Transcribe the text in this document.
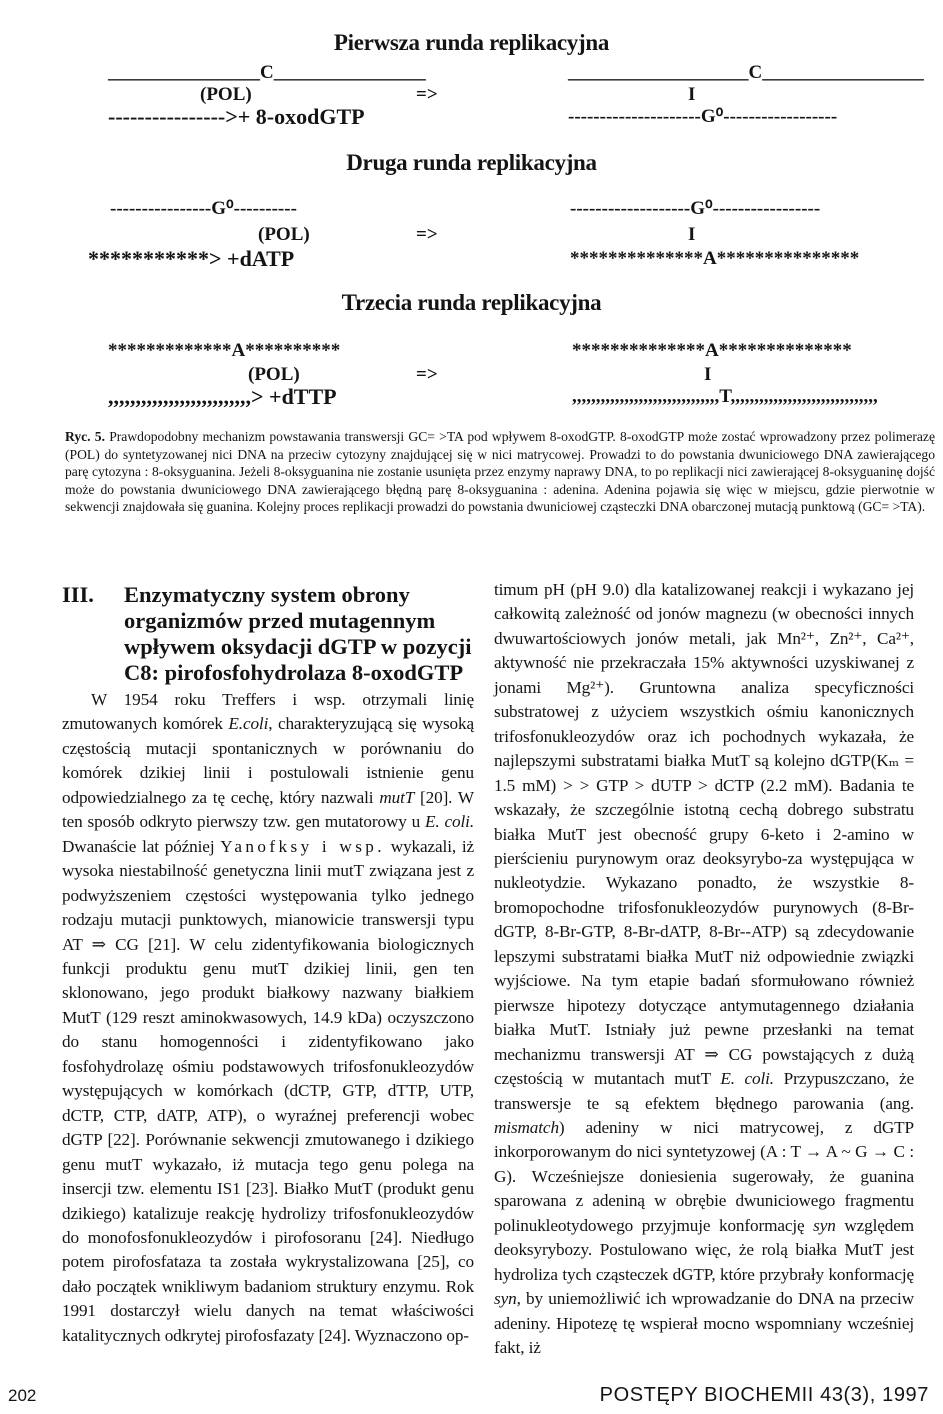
Pierwsza runda replikacyjna
________________C________________
(POL)
---------------->+ 8-oxodGTP
=>
___________________C_________________
I
---------------------G⁰------------------
Druga runda replikacyjna
----------------G⁰----------
(POL)
***********> +dATP
=>
-------------------G⁰-----------------
I
**************A***************
Trzecia runda replikacyjna
*************A**********
(POL)
,,,,,,,,,,,,,,,,,,,,,,,,,,> +dTTP
=>
**************A**************
I
,,,,,,,,,,,,,,,,,,,,,,,,,,,,,,,T,,,,,,,,,,,,,,,,,,,,,,,,,,,,,,,
Ryc. 5. Prawdopodobny mechanizm powstawania transwersji GC= >TA pod wpływem 8-oxodGTP. 8-oxodGTP może zostać wprowadzony przez polimerazę (POL) do syntetyzowanej nici DNA na przeciw cytozyny znajdującej się w nici matrycowej. Prowadzi to do powstania dwuniciowego DNA zawierającego parę cytozyna : 8-oksyguanina. Jeżeli 8-oksyguanina nie zostanie usunięta przez enzymy naprawy DNA, to po replikacji nici zawierającej 8-oksyguaninę dojść może do powstania dwuniciowego DNA zawierającego błędną parę 8-oksyguanina : adenina. Adenina pojawia się więc w miejscu, gdzie pierwotnie w sekwencji znajdowała się guanina. Kolejny proces replikacji prowadzi do powstania dwuniciowej cząsteczki DNA obarczonej mutacją punktową (GC= >TA).
III. Enzymatyczny system obrony organizmów przed mutagennym wpływem oksydacji dGTP w pozycji C8: pirofosfohydrolaza 8-oxodGTP

W 1954 roku Treffers i wsp. otrzymali linię zmutowanych komórek E.coli, charakteryzującą się wysoką częstością mutacji spontanicznych w porównaniu do komórek dzikiej linii i postulowali istnienie genu odpowiedzialnego za tę cechę, który nazwali mutT [20]. W ten sposób odkryto pierwszy tzw. gen mutatorowy u E. coli. Dwanaście lat później Yanofksy i wsp. wykazali, iż wysoka niestabilność genetyczna linii mutT związana jest z podwyższeniem częstości występowania tylko jednego rodzaju mutacji punktowych, mianowicie transwersji typu AT ⇒ CG [21]. W celu zidentyfikowania biologicznych funkcji produktu genu mutT dzikiej linii, gen ten sklonowano, jego produkt białkowy nazwany białkiem MutT (129 reszt aminokwasowych, 14.9 kDa) oczyszczono do stanu homogenności i zidentyfikowano jako fosfohydrolazę ośmiu podstawowych trifosfonukleozydów występujących w komórkach (dCTP, GTP, dTTP, UTP, dCTP, CTP, dATP, ATP), o wyraźnej preferencji wobec dGTP [22]. Porównanie sekwencji zmutowanego i dzikiego genu mutT wykazało, iż mutacja tego genu polega na insercji tzw. elementu IS1 [23]. Białko MutT (produkt genu dzikiego) katalizuje reakcję hydrolizy trifosfonukleozydów do monofosfonukleozydów i pirofosoranu [24]. Niedługo potem pirofosfataza ta została wykrystalizowana [25], co dało początek wnikliwym badaniom struktury enzymu. Rok 1991 dostarczył wielu danych na temat właściwości katalitycznych odkrytej pirofosfazaty [24]. Wyznaczono op-

timum pH (pH 9.0) dla katalizowanej reakcji i wykazano jej całkowitą zależność od jonów magnezu (w obecności innych dwuwartościowych jonów metali, jak Mn²⁺, Zn²⁺, Ca²⁺, aktywność nie przekraczała 15% aktywności uzyskiwanej z jonami Mg²⁺). Gruntowna analiza specyficzności substratowej z użyciem wszystkich ośmiu kanonicznych trifosfonukleozydów oraz ich pochodnych wykazała, że najlepszymi substratami białka MutT są kolejno dGTP(Kₘ = 1.5 mM) > > GTP > dUTP > dCTP (2.2 mM). Badania te wskazały, że szczególnie istotną cechą dobrego substratu białka MutT jest obecność grupy 6-keto i 2-amino w pierścieniu purynowym oraz deoksyrybo-za występująca w nukleotydzie. Wykazano ponadto, że wszystkie 8-bromopochodne trifosfonukleozydów purynowych (8-Br-dGTP, 8-Br-GTP, 8-Br-dATP, 8-Br--ATP) są zdecydowanie lepszymi substratami białka MutT niż odpowiednie związki wyjściowe. Na tym etapie badań sformułowano również pierwsze hipotezy dotyczące antymutagennego działania białka MutT. Istniały już pewne przesłanki na temat mechanizmu transwersji AT ⇒ CG powstających z dużą częstością w mutantach mutT E. coli. Przypuszczano, że transwersje te są efektem błędnego parowania (ang. mismatch) adeniny w nici matrycowej, z dGTP inkorporowanym do nici syntetyzowej (A : T → A ~ G → C : G). Wcześniejsze doniesienia sugerowały, że guanina sparowana z adeniną w obrębie dwuniciowego fragmentu polinukleotydowego przyjmuje konformację syn względem deoksyrybozy. Postulowano więc, że rolą białka MutT jest hydroliza tych cząsteczek dGTP, które przybrały konformację syn, by uniemożliwić ich wprowadzanie do DNA na przeciw adeniny. Hipotezę tę wspierał mocno wspomniany wcześniej fakt, iż

202	POSTĘPY BIOCHEMII 43(3), 1997
